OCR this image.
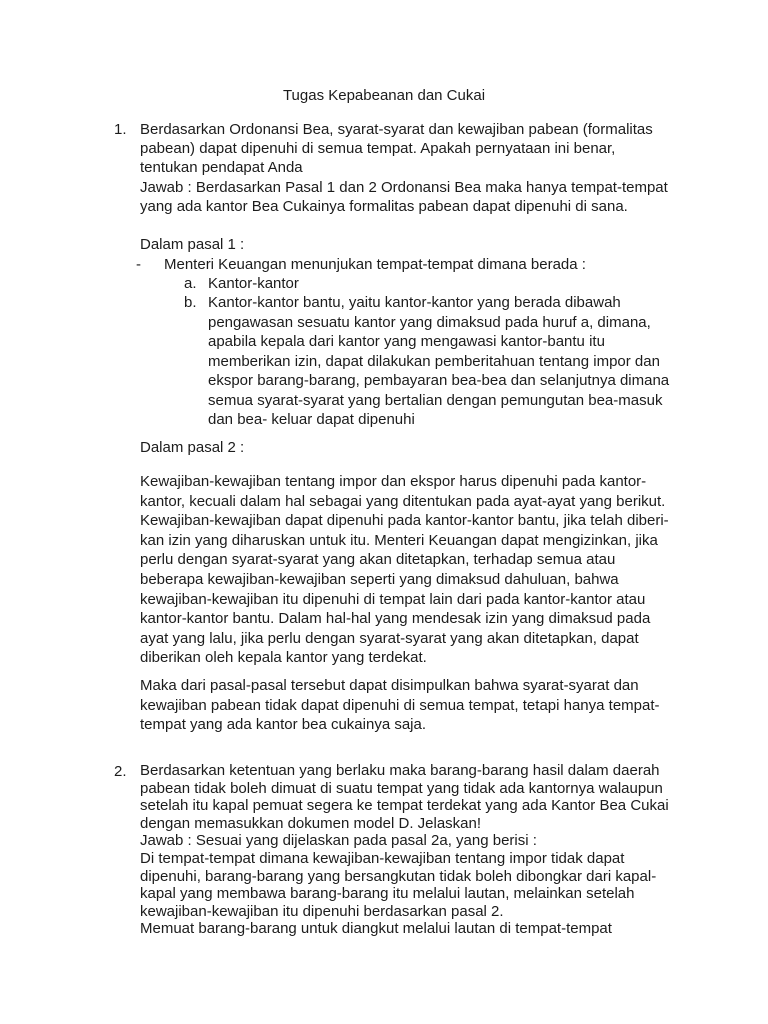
Tugas Kepabeanan dan Cukai
1. Berdasarkan Ordonansi Bea, syarat-syarat dan kewajiban pabean (formalitas pabean) dapat dipenuhi di semua tempat. Apakah pernyataan ini benar, tentukan pendapat Anda

Jawab : Berdasarkan Pasal 1 dan 2 Ordonansi Bea maka hanya tempat-tempat yang ada kantor Bea Cukainya formalitas pabean dapat dipenuhi di sana.

Dalam pasal 1 :

- Menteri Keuangan menunjukan tempat-tempat dimana berada :
a. Kantor-kantor
b. Kantor-kantor bantu, yaitu kantor-kantor yang berada dibawah pengawasan sesuatu kantor yang dimaksud pada huruf a, dimana, apabila kepala dari kantor yang mengawasi kantor-bantu itu memberikan izin, dapat dilakukan pemberitahuan tentang impor dan ekspor barang-barang, pembayaran bea-bea dan selanjutnya dimana semua syarat-syarat yang bertalian dengan pemungutan bea-masuk dan bea- keluar dapat dipenuhi

Dalam pasal 2 :

Kewajiban-kewajiban tentang impor dan ekspor harus dipenuhi pada kantor-kantor, kecuali dalam hal sebagai yang ditentukan pada ayat-ayat yang berikut. Kewajiban-kewajiban dapat dipenuhi pada kantor-kantor bantu, jika telah diberi- kan izin yang diharuskan untuk itu. Menteri Keuangan dapat mengizinkan, jika perlu dengan syarat-syarat yang akan ditetapkan, terhadap semua atau beberapa kewajiban-kewajiban seperti yang dimaksud dahuluan, bahwa kewajiban-kewajiban itu dipenuhi di tempat lain dari pada kantor-kantor atau kantor-kantor bantu. Dalam hal-hal yang mendesak izin yang dimaksud pada ayat yang lalu, jika perlu dengan syarat-syarat yang akan ditetapkan, dapat diberikan oleh kepala kantor yang terdekat.

Maka dari pasal-pasal tersebut dapat disimpulkan bahwa syarat-syarat dan kewajiban pabean tidak dapat dipenuhi di semua tempat, tetapi hanya tempat-tempat yang ada kantor bea cukainya saja.

2. Berdasarkan ketentuan yang berlaku maka barang-barang hasil dalam daerah pabean tidak boleh dimuat di suatu tempat yang tidak ada kantornya walaupun setelah itu kapal pemuat segera ke tempat terdekat yang ada Kantor Bea Cukai dengan memasukkan dokumen model D. Jelaskan!

Jawab : Sesuai yang dijelaskan pada pasal 2a, yang berisi :

Di tempat-tempat dimana kewajiban-kewajiban tentang impor tidak dapat dipenuhi, barang-barang yang bersangkutan tidak boleh dibongkar dari kapal-kapal yang membawa barang-barang itu melalui lautan, melainkan setelah kewajiban-kewajiban itu dipenuhi berdasarkan pasal 2.

Memuat barang-barang untuk diangkut melalui lautan di tempat-tempat
